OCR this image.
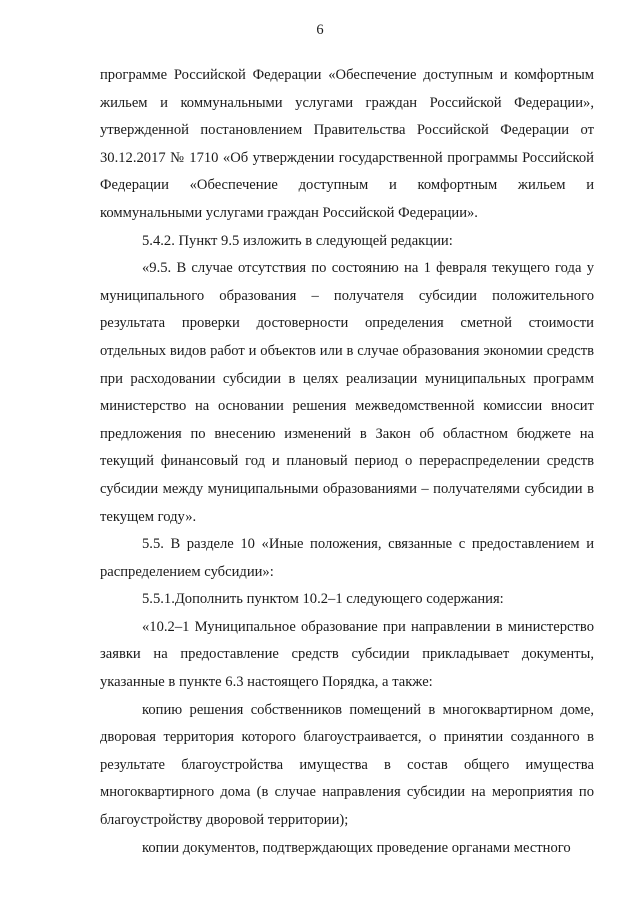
6

программе Российской Федерации «Обеспечение доступным и комфортным жильем и коммунальными услугами граждан Российской Федерации», утвержденной постановлением Правительства Российской Федерации от 30.12.2017 № 1710 «Об утверждении государственной программы Российской Федерации «Обеспечение доступным и комфортным жильем и коммунальными услугами граждан Российской Федерации».

5.4.2. Пункт 9.5 изложить в следующей редакции:

«9.5. В случае отсутствия по состоянию на 1 февраля текущего года у муниципального образования – получателя субсидии положительного результата проверки достоверности определения сметной стоимости отдельных видов работ и объектов или в случае образования экономии средств при расходовании субсидии в целях реализации муниципальных программ министерство на основании решения межведомственной комиссии вносит предложения по внесению изменений в Закон об областном бюджете на текущий финансовый год и плановый период о перераспределении средств субсидии между муниципальными образованиями – получателями субсидии в текущем году».

5.5. В разделе 10 «Иные положения, связанные с предоставлением и распределением субсидии»:

5.5.1.Дополнить пунктом 10.2–1 следующего содержания:

«10.2–1 Муниципальное образование при направлении в министерство заявки на предоставление средств субсидии прикладывает документы, указанные в пункте 6.3 настоящего Порядка, а также:

копию решения собственников помещений в многоквартирном доме, дворовая территория которого благоустраивается, о принятии созданного в результате благоустройства имущества в состав общего имущества многоквартирного дома (в случае направления субсидии на мероприятия по благоустройству дворовой территории);

копии документов, подтверждающих проведение органами местного
